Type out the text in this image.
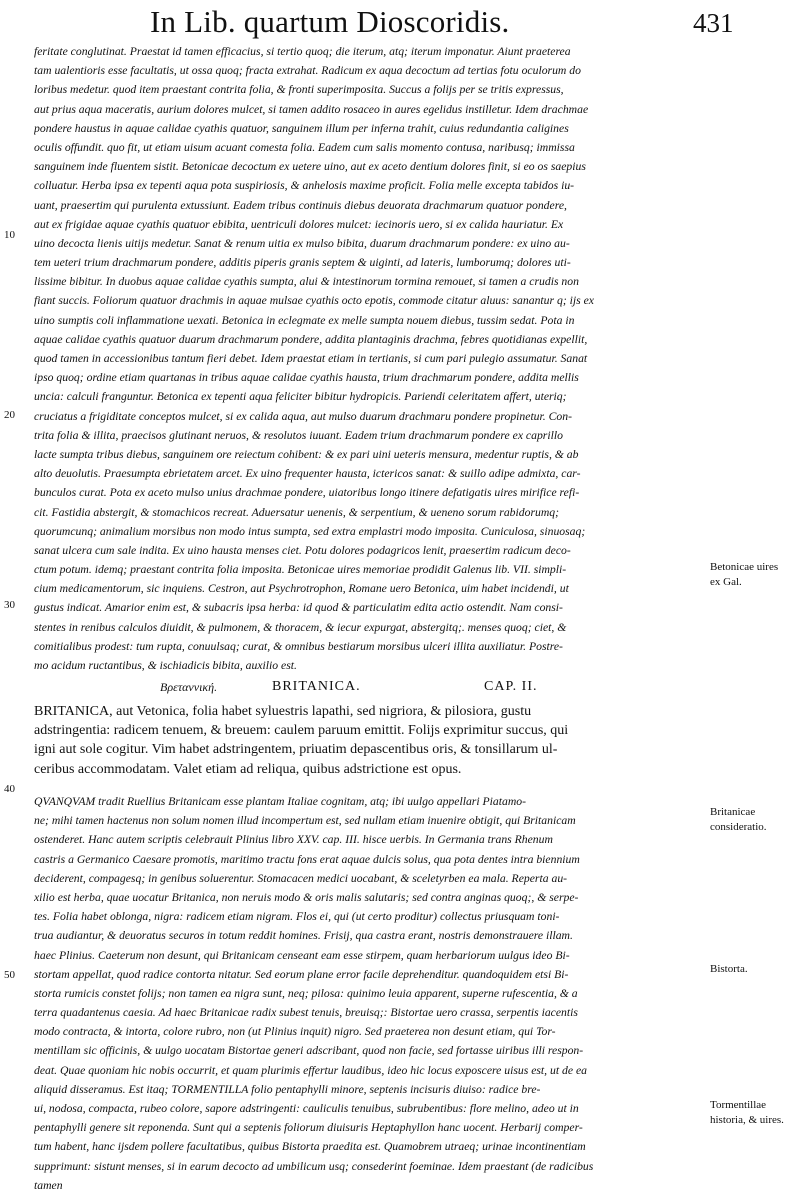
In Lib. quartum Dioscoridis.	431
feritate conglutinat. Praestat id tamen efficacius, si tertio quoq; die iterum, atq; iterum imponatur. Aiunt praeterea
tam ualentioris esse facultatis, ut ossa quoq; fracta extrahat. Radicum ex aqua decoctum ad tertias fotu oculorum do
loribus medetur. quod item praestant contrita folia, & fronti superimposita. Succus a folijs per se tritis expressus,
aut prius aqua maceratis, aurium dolores mulcet, si tamen addito rosaceo in aures egelidus instilletur. Idem drachmae
pondere haustus in aquae calidae cyathis quatuor, sanguinem illum per inferna trahit, cuius redundantia caligines
oculis offundit. quo fit, ut etiam uisum acuant comesta folia. Eadem cum salis momento contusa, naribusq; immissa
sanguinem inde fluentem sistit. Betonicae decoctum ex uetere uino, aut ex aceto dentium dolores finit, si eo os saepius
colluatur. Herba ipsa ex tepenti aqua pota suspiriosis, & anhelosis maxime proficit. Folia melle excepta tabidos iu-
uant, praesertim qui purulenta extussiunt. Eadem tribus continuis diebus deuorata drachmarum quatuor pondere,
aut ex frigidae aquae cyathis quatuor ebibita, uentriculi dolores mulcet: iecinoris uero, si ex calida hauriatur. Ex
uino decocta lienis uitijs medetur. Sanat & renum uitia ex mulso bibita, duarum drachmarum pondere: ex uino au-
tem ueteri trium drachmarum pondere, additis piperis granis septem & uiginti, ad lateris, lumborumq; dolores uti-
lissime bibitur. In duobus aquae calidae cyathis sumpta, alui & intestinorum tormina remouet, si tamen a crudis non
fiant succis. Foliorum quatuor drachmis in aquae mulsae cyathis octo epotis, commode citatur aluus: sanantur q; ijs ex
uino sumptis coli inflammatione uexati. Betonica in eclegmate ex melle sumpta nouem diebus, tussim sedat. Pota in
aquae calidae cyathis quatuor duarum drachmarum pondere, addita plantaginis drachma, febres quotidianas expellit,
quod tamen in accessionibus tantum fieri debet. Idem praestat etiam in tertianis, si cum pari pulegio assumatur. Sanat
ipso quoq; ordine etiam quartanas in tribus aquae calidae cyathis hausta, trium drachmarum pondere, addita mellis
uncia: calculi franguntur. Betonica ex tepenti aqua feliciter bibitur hydropicis. Pariendi celeritatem affert, uteriq;
cruciatus a frigiditate conceptos mulcet, si ex calida aqua, aut mulso duarum drachmaru pondere propinetur. Con-
trita folia & illita, praecisos glutinant neruos, & resolutos iuuant. Eadem trium drachmarum pondere ex caprillo
lacte sumpta tribus diebus, sanguinem ore reiectum cohibent: & ex pari uini ueteris mensura, medentur ruptis, & ab
alto deuolutis. Praesumpta ebrietatem arcet. Ex uino frequenter hausta, ictericos sanat: & suillo adipe admixta, car-
bunculos curat. Pota ex aceto mulso unius drachmae pondere, uiatoribus longo itinere defatigatis uires mirifice refi-
cit. Fastidia abstergit, & stomachicos recreat. Aduersatur uenenis, & serpentium, & ueneno sorum rabidorumq;
quorumcunq; animalium morsibus non modo intus sumpta, sed extra emplastri modo imposita. Cuniculosa, sinuosaq;
sanat ulcera cum sale indita. Ex uino hausta menses ciet. Potu dolores podagricos lenit, praesertim radicum deco-
ctum potum. idemq; praestant contrita folia imposita. Betonicae uires memoriae prodidit Galenus lib. VII. simpli-
cium medicamentorum, sic inquiens. Cestron, aut Psychrotrophon, Romane uero Betonica, uim habet incidendi, ut
gustus indicat. Amarior enim est, & subacris ipsa herba: id quod & particulatim edita actio ostendit. Nam consi-
stentes in renibus calculos diuidit, & pulmonem, & thoracem, & iecur expurgat, abstergitq;. menses quoq; ciet, &
comitialibus prodest: tum rupta, conuulsaq; curat, & omnibus bestiarum morsibus ulceri illita auxiliatur. Postre-
mo acidum ructantibus, & ischiadicis bibita, auxilio est.
Βρεταννική.	BRITANICA.	CAP. II.
BRITANICA, aut Vetonica, folia habet syluestris lapathi, sed nigriora, & pilosiora, gustu
adstringentia: radicem tenuem, & breuem: caulem paruum emittit. Folijs exprimitur succus, qui
igni aut sole cogitur. Vim habet adstringentem, priuatim depascentibus oris, & tonsillarum ul-
ceribus accommodatam. Valet etiam ad reliqua, quibus adstrictione est opus.
QVANQVAM tradit Ruellius Britanicam esse plantam Italiae cognitam, atq; ibi uulgo appellari Piatamo-
ne; mihi tamen hactenus non solum nomen illud incompertum est, sed nullam etiam inuenire obtigit, qui Britanicam
ostenderet. Hanc autem scriptis celebrauit Plinius libro XXV. cap. III. hisce uerbis. In Germania trans Rhenum
castris a Germanico Caesare promotis, maritimo tractu fons erat aquae dulcis solus, qua pota dentes intra biennium
deciderent, compagesq; in genibus soluerentur. Stomacacen medici uocabant, & sceletyrben ea mala. Reperta au-
xilio est herba, quae uocatur Britanica, non neruis modo & oris malis salutaris; sed contra anginas quoq;, & serpe-
tes. Folia habet oblonga, nigra: radicem etiam nigram. Flos ei, qui (ut certo proditur) collectus priusquam toni-
trua audiantur, & deuoratus securos in totum reddit homines. Frisij, qua castra erant, nostris demonstrauere illam.
haec Plinius. Caeterum non desunt, qui Britanicam censeant eam esse stirpem, quam herbariorum uulgus ideo Bi-
stortam appellat, quod radice contorta nitatur. Sed eorum plane error facile deprehenditur. quandoquidem etsi Bi-
storta rumicis constet folijs; non tamen ea nigra sunt, neq; pilosa: quinimo leuia apparent, superne rufescentia, & a
terra quadantenus caesia. Ad haec Britanicae radix subest tenuis, breuisq;: Bistortae uero crassa, serpentis iacentis
modo contracta, & intorta, colore rubro, non (ut Plinius inquit) nigro. Sed praeterea non desunt etiam, qui Tor-
mentillam sic officinis, & uulgo uocatam Bistortae generi adscribant, quod non facie, sed fortasse uiribus illi respon-
deat. Quae quoniam hic nobis occurrit, et quam plurimis effertur laudibus, ideo hic locus exposcere uisus est, ut de ea
aliquid disseramus. Est itaq; TORMENTILLA folio pentaphylli minore, septenis incisuris diuiso: radice bre-
ui, nodosa, compacta, rubeo colore, sapore adstringenti: cauliculis tenuibus, subrubentibus: flore melino, adeo ut in
pentaphylli genere sit reponenda. Sunt qui a septenis foliorum diuisuris Heptaphyllon hanc uocent. Herbarij comper-
tum habent, hanc ijsdem pollere facultatibus, quibus Bistorta praedita est. Quamobrem utraeq; urinae incontinentiam
supprimunt: sistunt menses, si in earum decocto ad umbilicum usq; consederint foeminae. Idem praestant (de radicibus
tamen
10
20
30
40
50
Betonicae uires ex Gal.
Britanicae consideratio.
Bistorta.
Tormentillae historia, & uires.
